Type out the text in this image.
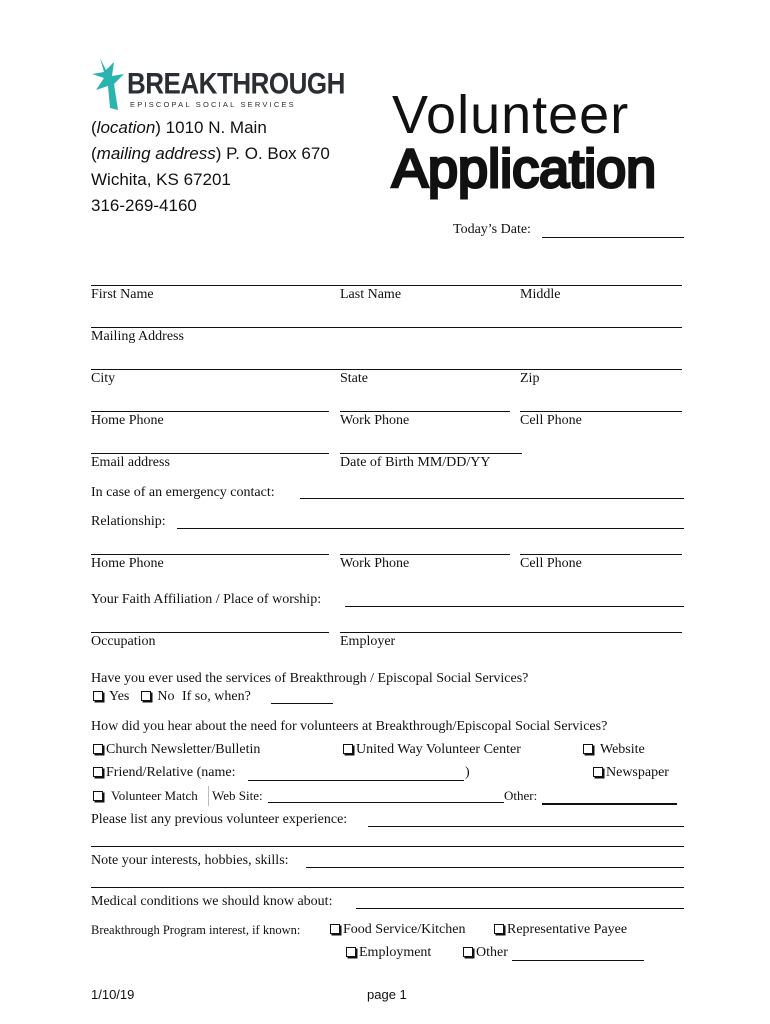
BREAKTHROUGH
EPISCOPAL SOCIAL SERVICES
(location) 1010 N. Main
(mailing address) P. O. Box 670
Wichita, KS 67201
316-269-4160
Volunteer
Application
Today’s Date:
First Name	Last Name	Middle
Mailing Address
City	State	Zip
Home Phone	Work Phone	Cell Phone
Email address	Date of Birth MM/DD/YY
In case of an emergency contact:
Relationship:
Home Phone	Work Phone	Cell Phone
Your Faith Affiliation / Place of worship:
Occupation	Employer
Have you ever used the services of Breakthrough / Episcopal Social Services?
Yes No If so, when?
How did you hear about the need for volunteers at Breakthrough/Episcopal Social Services?
Church Newsletter/Bulletin	United Way Volunteer Center	Website
Friend/Relative (name:	)	Newspaper
Volunteer Match Web Site:	Other:
Please list any previous volunteer experience:
Note your interests, hobbies, skills:
Medical conditions we should know about:
Breakthrough Program interest, if known:	Food Service/Kitchen	Representative Payee
Employment	Other
1/10/19	page 1
